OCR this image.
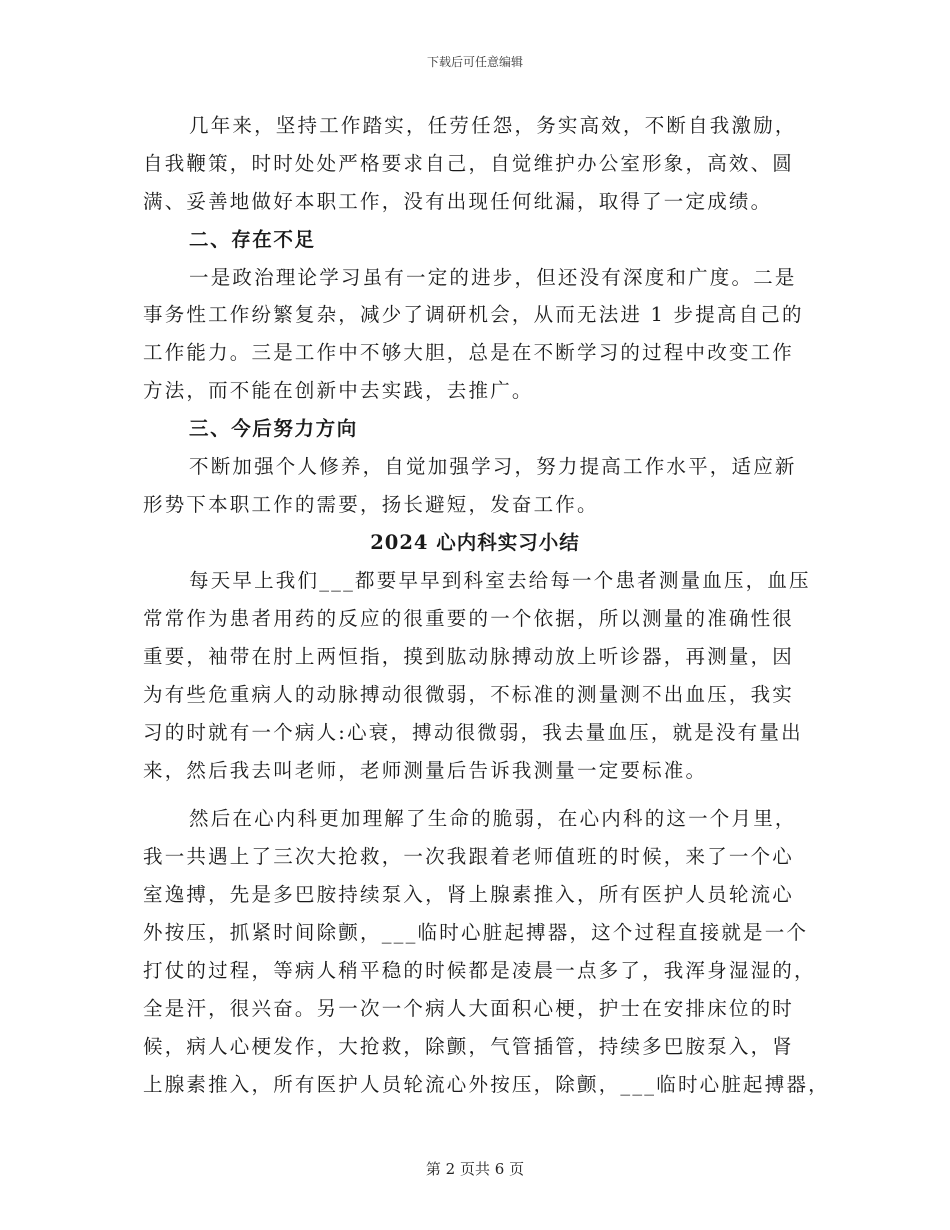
下载后可任意编辑
几年来，坚持工作踏实，任劳任怨，务实高效，不断自我激励，
自我鞭策，时时处处严格要求自己，自觉维护办公室形象，高效、圆
满、妥善地做好本职工作，没有出现任何纰漏，取得了一定成绩。
二、存在不足
一是政治理论学习虽有一定的进步，但还没有深度和广度。二是
事务性工作纷繁复杂，减少了调研机会，从而无法进 1 步提高自己的
工作能力。三是工作中不够大胆，总是在不断学习的过程中改变工作
方法，而不能在创新中去实践，去推广。
三、今后努力方向
不断加强个人修养，自觉加强学习，努力提高工作水平，适应新
形势下本职工作的需要，扬长避短，发奋工作。
2024 心内科实习小结
每天早上我们___都要早早到科室去给每一个患者测量血压，血压
常常作为患者用药的反应的很重要的一个依据，所以测量的准确性很
重要，袖带在肘上两恒指，摸到肱动脉搏动放上听诊器，再测量，因
为有些危重病人的动脉搏动很微弱，不标准的测量测不出血压，我实
习的时就有一个病人:心衰，搏动很微弱，我去量血压，就是没有量出
来，然后我去叫老师，老师测量后告诉我测量一定要标准。
然后在心内科更加理解了生命的脆弱，在心内科的这一个月里，
我一共遇上了三次大抢救，一次我跟着老师值班的时候，来了一个心
室逸搏，先是多巴胺持续泵入，肾上腺素推入，所有医护人员轮流心
外按压，抓紧时间除颤，___临时心脏起搏器，这个过程直接就是一个
打仗的过程，等病人稍平稳的时候都是凌晨一点多了，我浑身湿湿的，
全是汗，很兴奋。另一次一个病人大面积心梗，护士在安排床位的时
候，病人心梗发作，大抢救，除颤，气管插管，持续多巴胺泵入，肾
上腺素推入，所有医护人员轮流心外按压，除颤，___临时心脏起搏器，
第 2 页共 6 页
